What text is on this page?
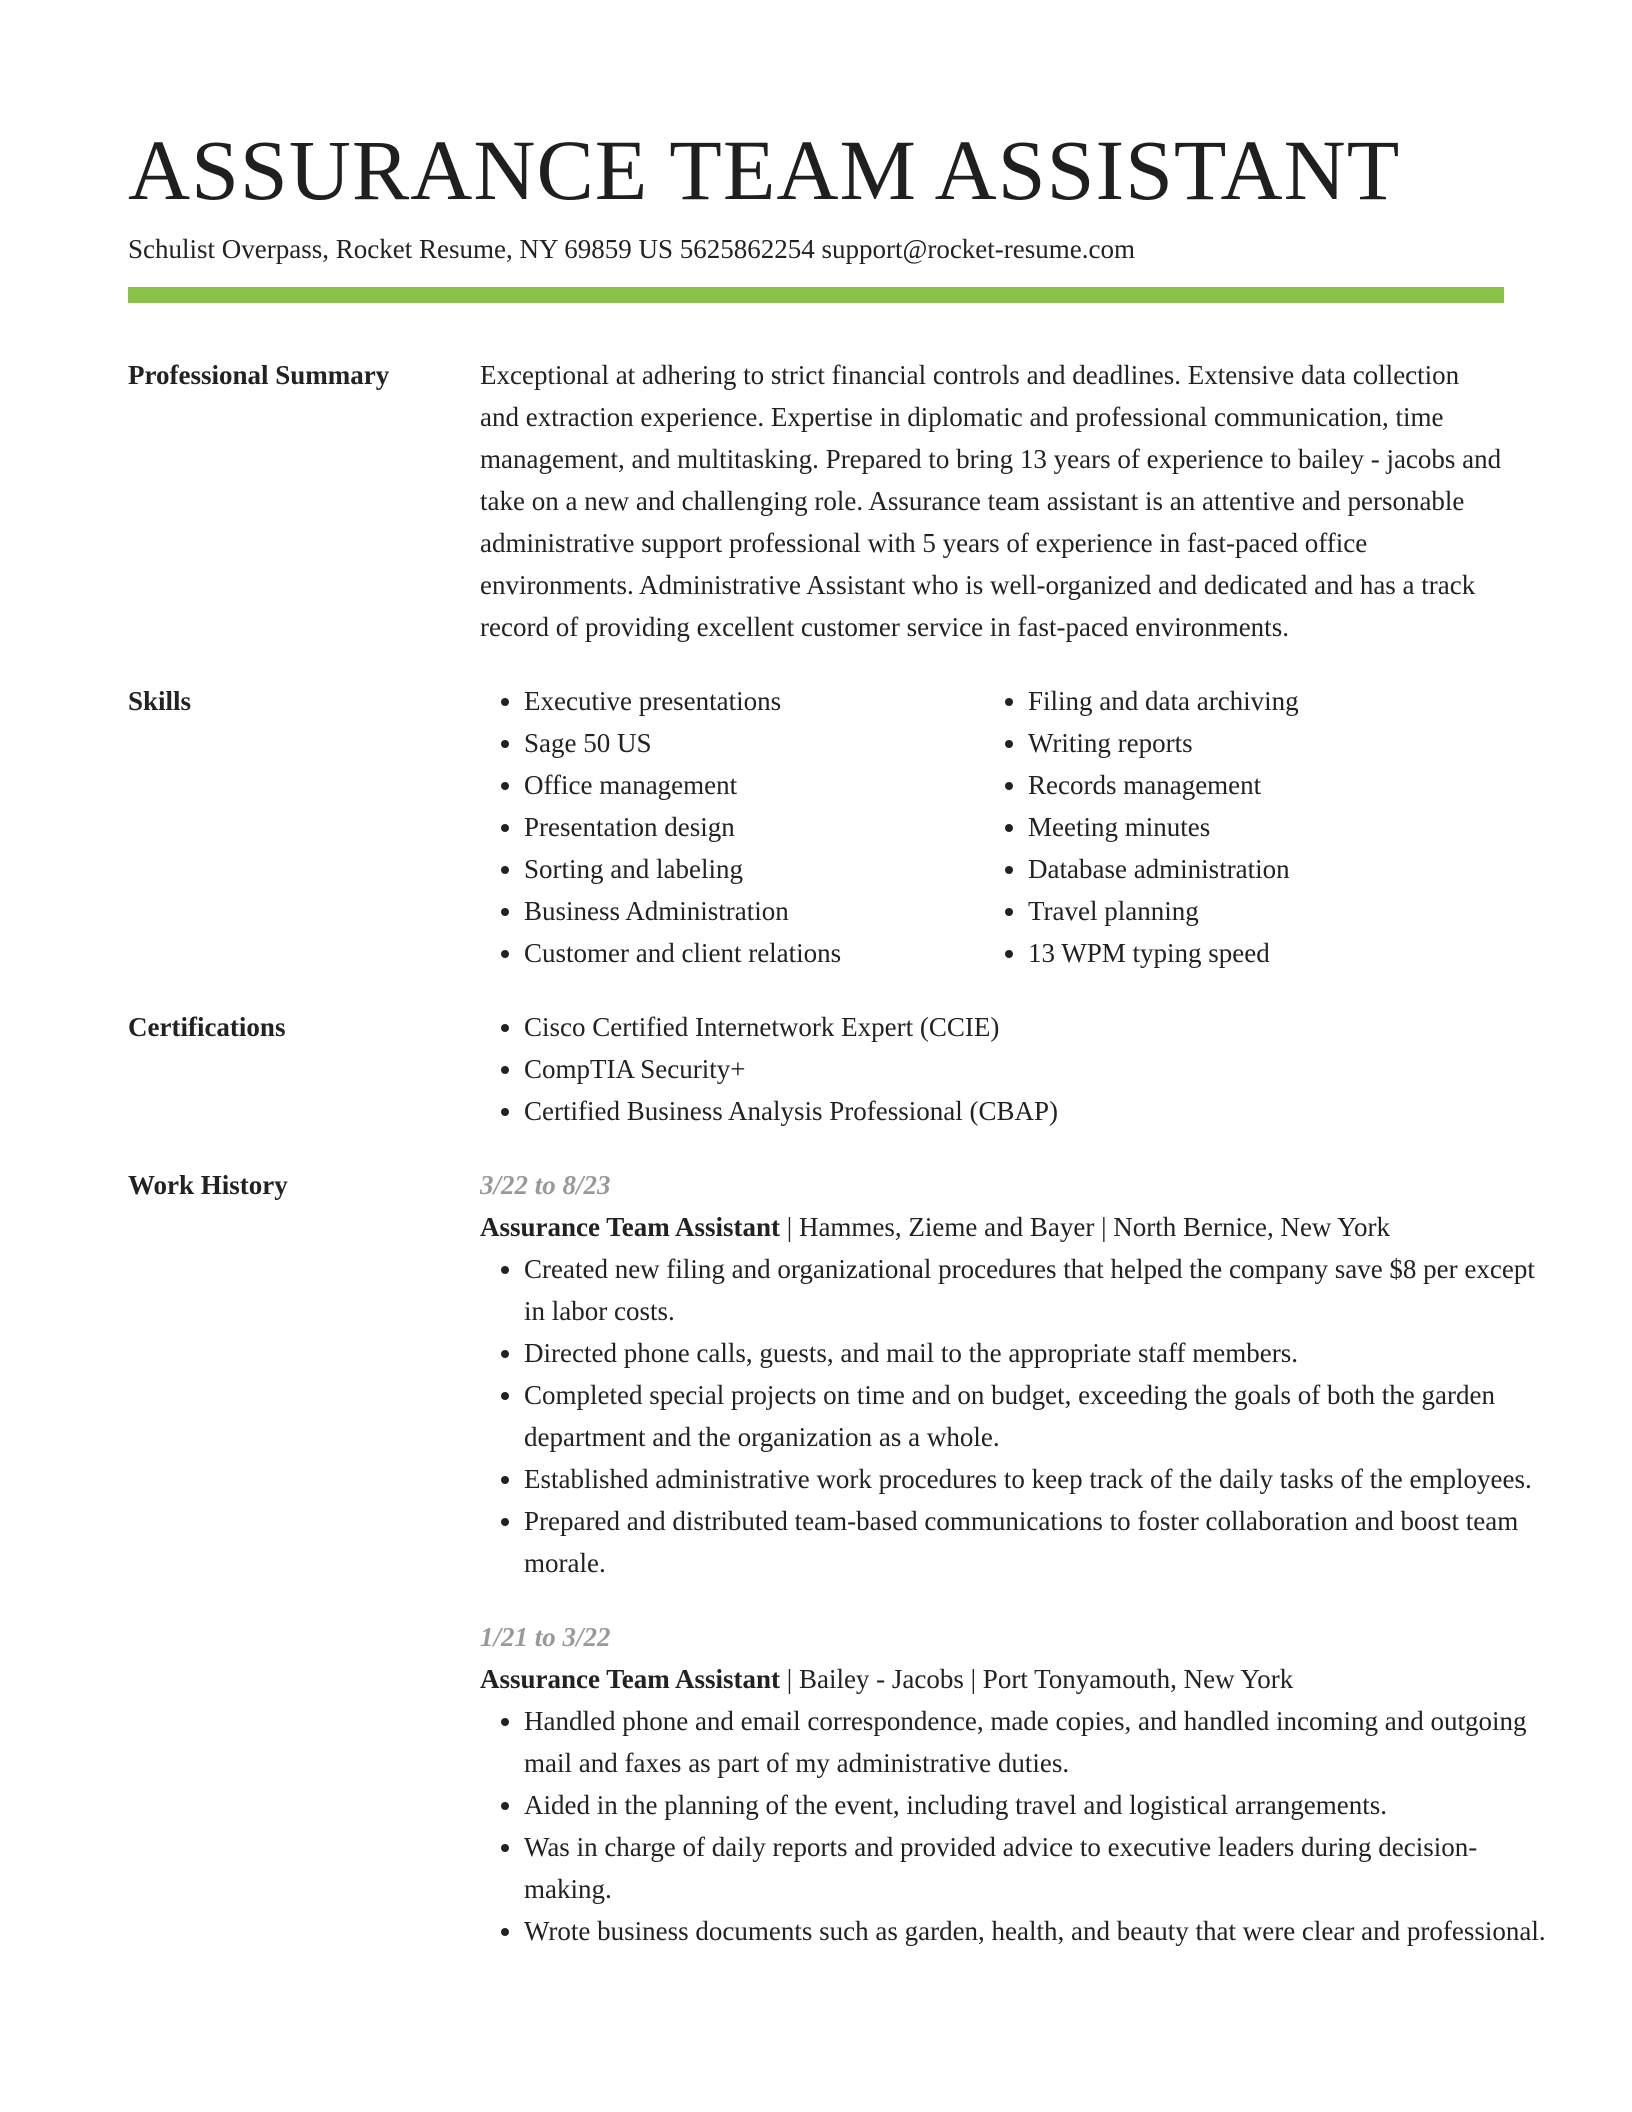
ASSURANCE TEAM ASSISTANT
Schulist Overpass, Rocket Resume, NY 69859 US 5625862254 support@rocket-resume.com
Professional Summary	Exceptional at adhering to strict financial controls and deadlines. Extensive data collection and extraction experience. Expertise in diplomatic and professional communication, time management, and multitasking. Prepared to bring 13 years of experience to bailey - jacobs and take on a new and challenging role. Assurance team assistant is an attentive and personable administrative support professional with 5 years of experience in fast-paced office environments. Administrative Assistant who is well-organized and dedicated and has a track record of providing excellent customer service in fast-paced environments.

Skills	• Executive presentations
• Sage 50 US
• Office management
• Presentation design
• Sorting and labeling
• Business Administration
• Customer and client relations
• Filing and data archiving
• Writing reports
• Records management
• Meeting minutes
• Database administration
• Travel planning
• 13 WPM typing speed
Certifications	• Cisco Certified Internetwork Expert (CCIE)
• CompTIA Security+
• Certified Business Analysis Professional (CBAP)
Work History	3/22 to 8/23
Assurance Team Assistant | Hammes, Zieme and Bayer | North Bernice, New York
• Created new filing and organizational procedures that helped the company save $8 per except in labor costs.
• Directed phone calls, guests, and mail to the appropriate staff members.
• Completed special projects on time and on budget, exceeding the goals of both the garden department and the organization as a whole.
• Established administrative work procedures to keep track of the daily tasks of the employees.
• Prepared and distributed team-based communications to foster collaboration and boost team morale.
1/21 to 3/22
Assurance Team Assistant | Bailey - Jacobs | Port Tonyamouth, New York
• Handled phone and email correspondence, made copies, and handled incoming and outgoing mail and faxes as part of my administrative duties.
• Aided in the planning of the event, including travel and logistical arrangements.
• Was in charge of daily reports and provided advice to executive leaders during decision-making.
• Wrote business documents such as garden, health, and beauty that were clear and professional.
